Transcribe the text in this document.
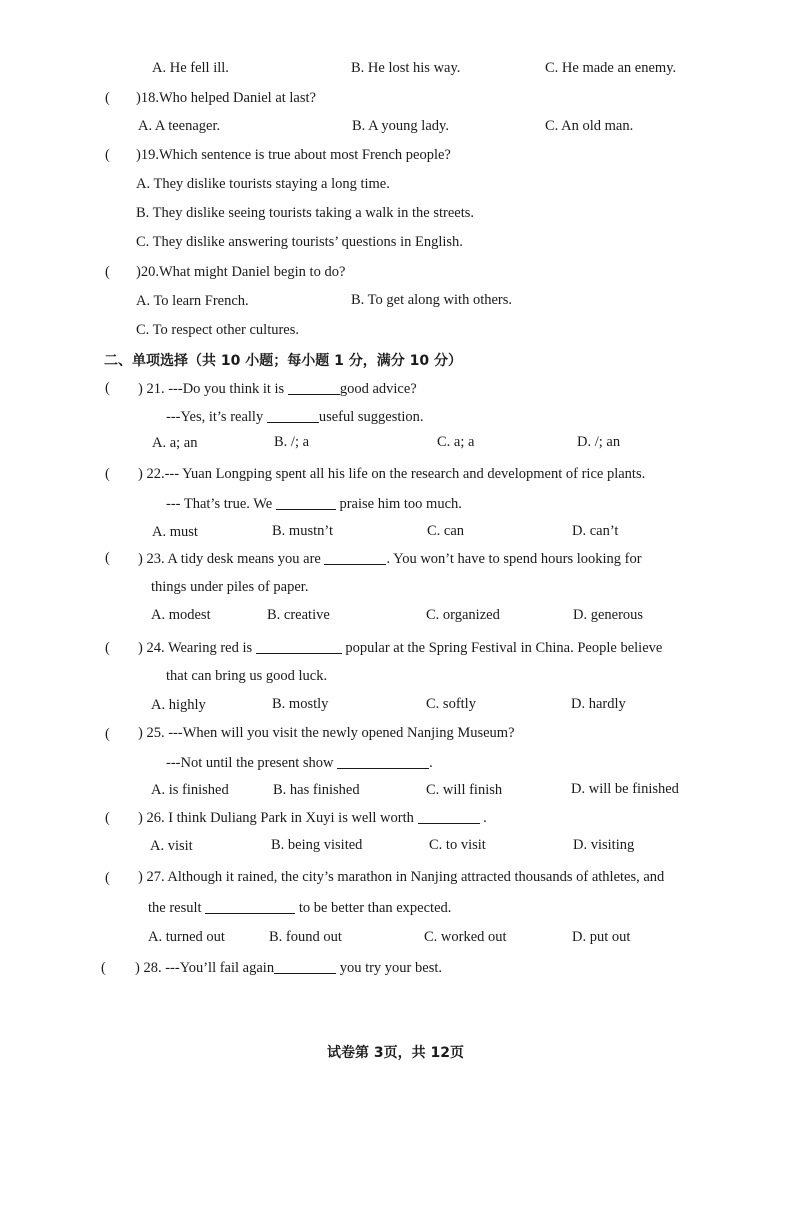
A. He fell ill.	B. He lost his way.	C. He made an enemy.
( )18.Who helped Daniel at last?
A. A teenager.	B. A young lady.	C. An old man.
( )19.Which sentence is true about most French people?
A. They dislike tourists staying a long time.
B. They dislike seeing tourists taking a walk in the streets.
C. They dislike answering tourists’ questions in English.
( )20.What might Daniel begin to do?
A. To learn French.	B. To get along with others.
C. To respect other cultures.
二、单项选择（共 10 小题；每小题 1 分，满分 10 分）
( ) 21. ---Do you think it is	good advice?
---Yes, it’s really	useful suggestion.
A. a; an	B. /; a	C. a; a	D. /; an
( ) 22.--- Yuan Longping spent all his life on the research and development of rice plants.
--- That’s true. We	praise him too much.
A. must	B. mustn’t	C. can	D. can’t
( ) 23. A tidy desk means you are	. You won’t have to spend hours looking for
things under piles of paper.
A. modest	B. creative	C. organized	D. generous
( ) 24. Wearing red is	popular at the Spring Festival in China. People believe
that can bring us good luck.
A. highly	B. mostly	C. softly	D. hardly
( ) 25. ---When will you visit the newly opened Nanjing Museum?
---Not until the present show	.
A. is finished	B. has finished	C. will finish	D. will be finished
( ) 26. I think Duliang Park in Xuyi is well worth	.
A. visit	B. being visited	C. to visit	D. visiting
( ) 27. Although it rained, the city’s marathon in Nanjing attracted thousands of athletes, and
the result	to be better than expected.
A. turned out	B. found out	C. worked out	D. put out
( ) 28. ---You’ll fail again	you try your best.
试卷第 3页，共 12页
